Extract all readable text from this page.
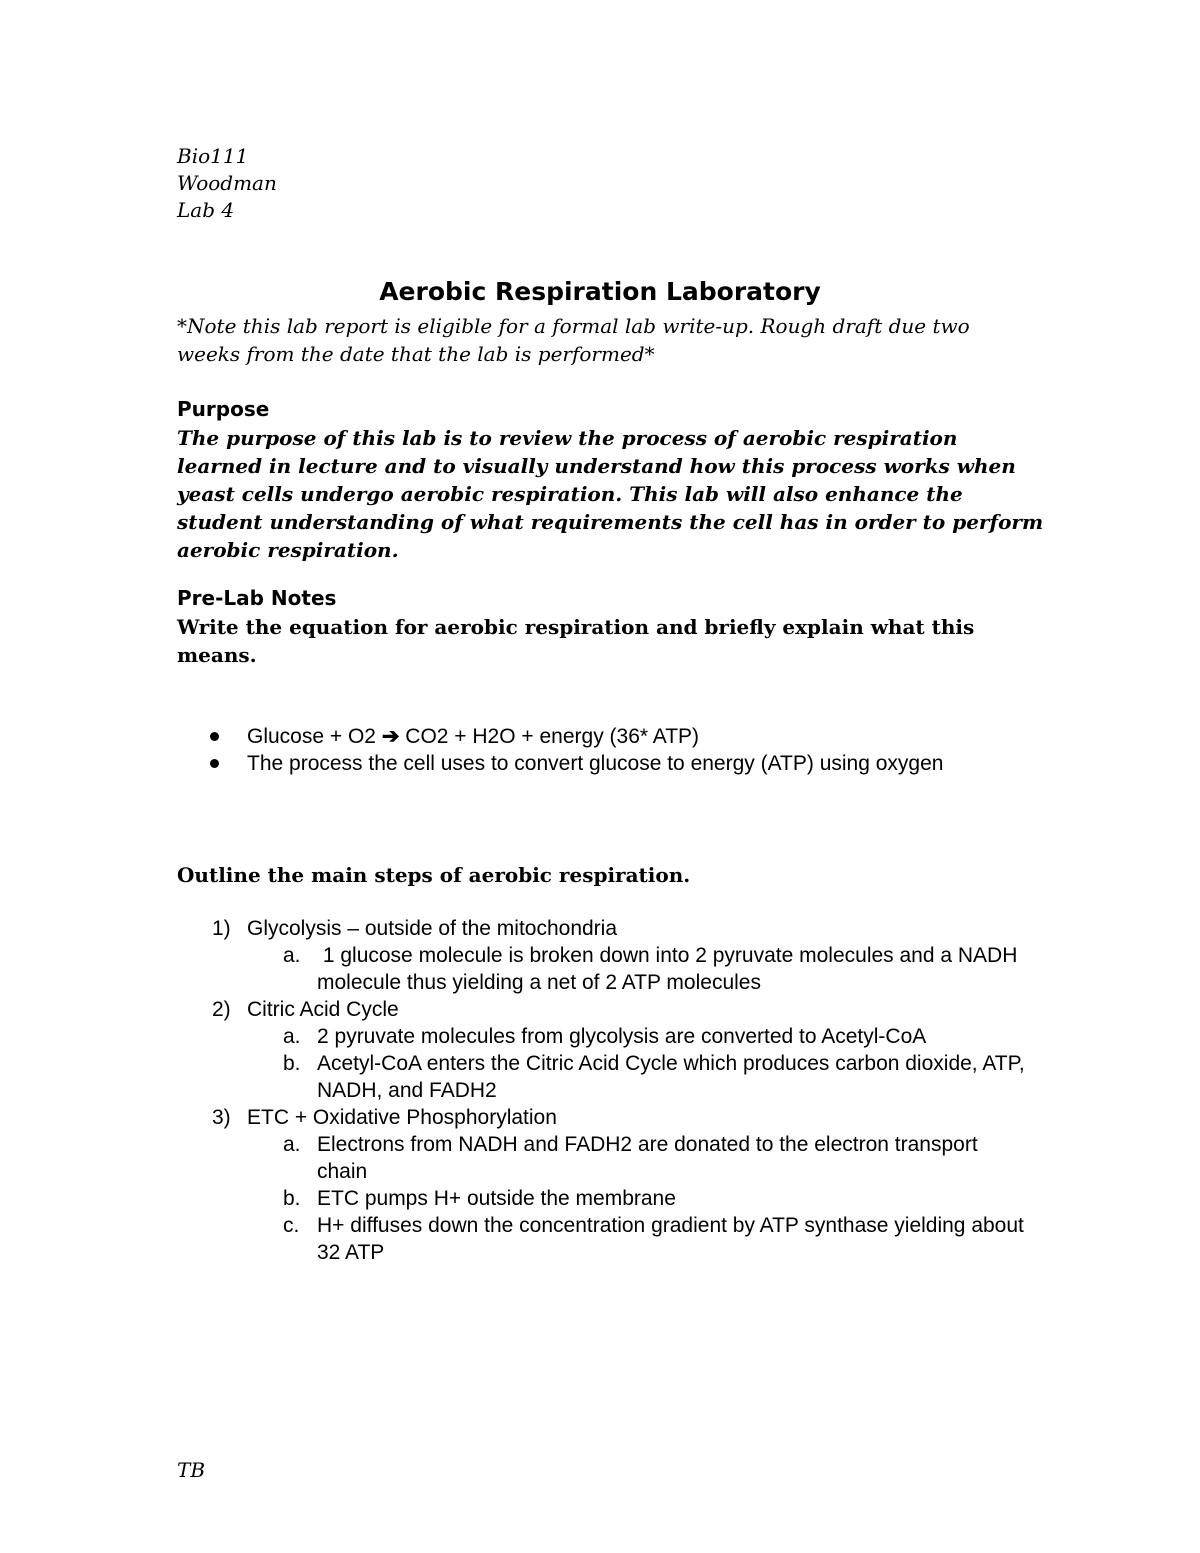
Bio111
Woodman
Lab 4
Aerobic Respiration Laboratory
*Note this lab report is eligible for a formal lab write-up. Rough draft due two weeks from the date that the lab is performed*
Purpose
The purpose of this lab is to review the process of aerobic respiration learned in lecture and to visually understand how this process works when yeast cells undergo aerobic respiration. This lab will also enhance the student understanding of what requirements the cell has in order to perform aerobic respiration.
Pre-Lab Notes
Write the equation for aerobic respiration and briefly explain what this means.
Glucose + O2 ➔ CO2 + H2O + energy (36* ATP)
The process the cell uses to convert glucose to energy (ATP) using oxygen
Outline the main steps of aerobic respiration.
1) Glycolysis – outside of the mitochondria
a. 1 glucose molecule is broken down into 2 pyruvate molecules and a NADH molecule thus yielding a net of 2 ATP molecules
2) Citric Acid Cycle
a. 2 pyruvate molecules from glycolysis are converted to Acetyl-CoA
b. Acetyl-CoA enters the Citric Acid Cycle which produces carbon dioxide, ATP, NADH, and FADH2
3) ETC + Oxidative Phosphorylation
a. Electrons from NADH and FADH2 are donated to the electron transport chain
b. ETC pumps H+ outside the membrane
c. H+ diffuses down the concentration gradient by ATP synthase yielding about 32 ATP
TB
